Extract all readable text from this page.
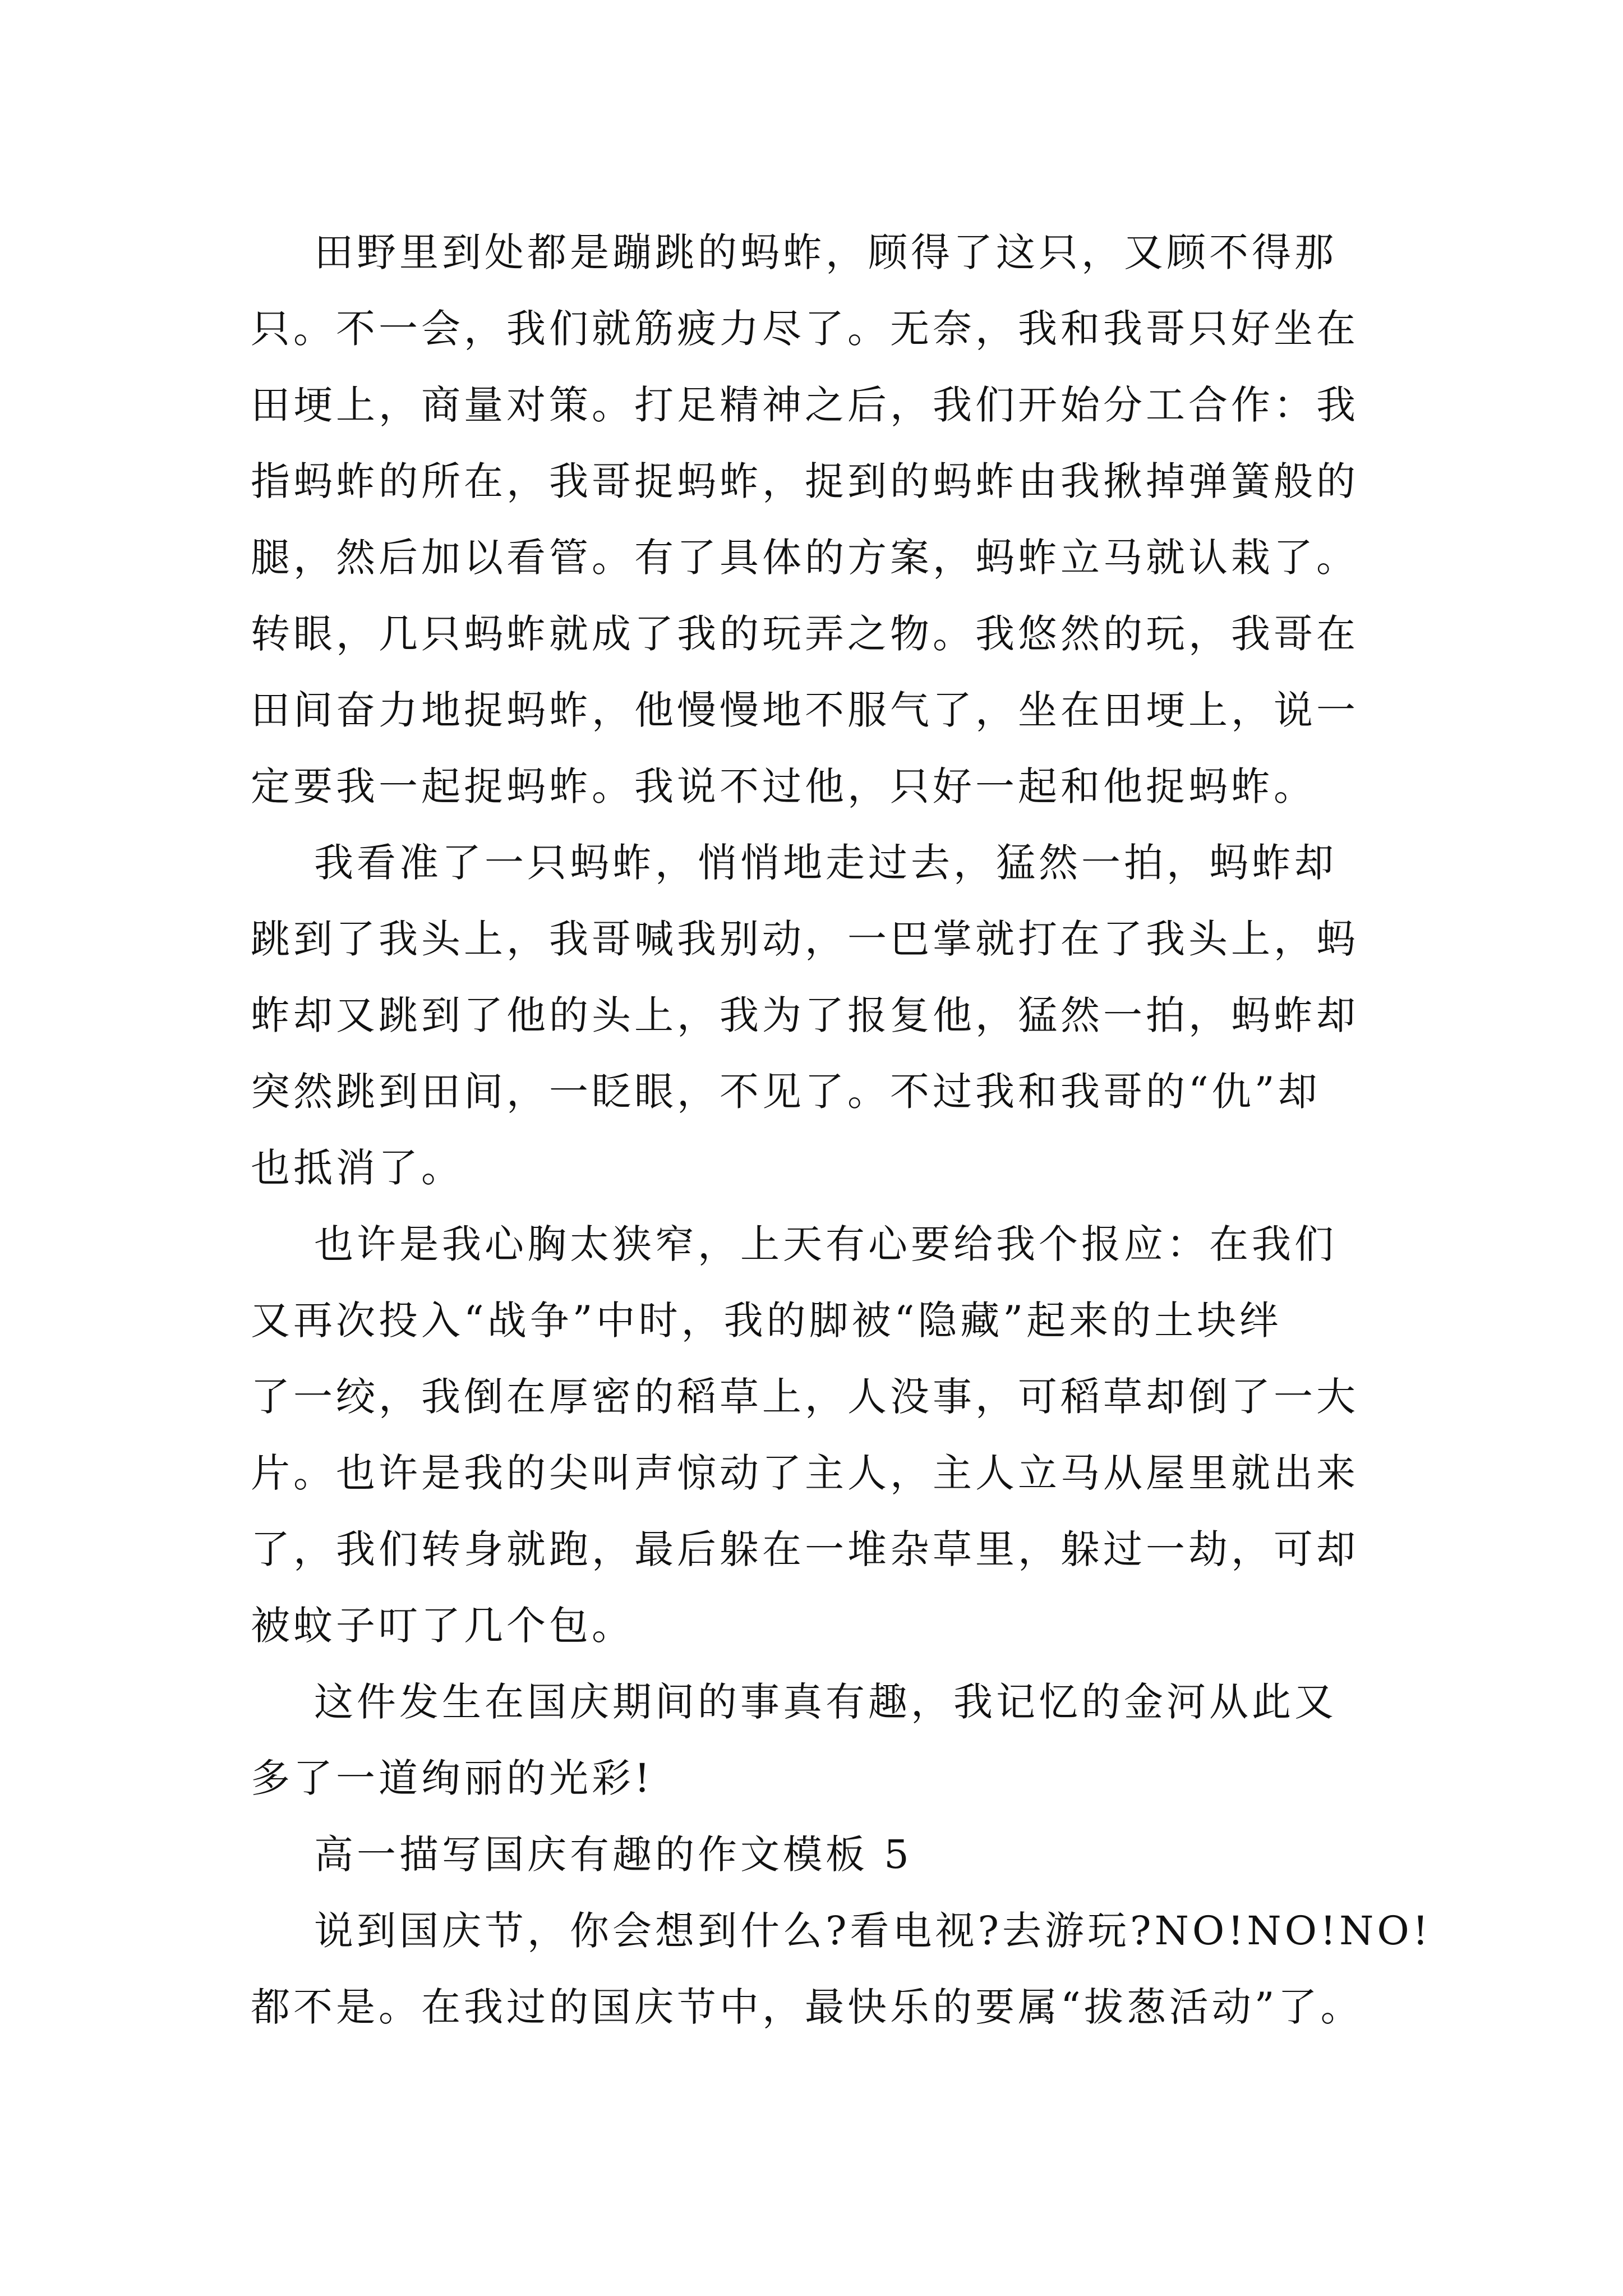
田野里到处都是蹦跳的蚂蚱，顾得了这只，又顾不得那
只。不一会，我们就筋疲力尽了。无奈，我和我哥只好坐在
田埂上，商量对策。打足精神之后，我们开始分工合作：我
指蚂蚱的所在，我哥捉蚂蚱，捉到的蚂蚱由我揪掉弹簧般的
腿，然后加以看管。有了具体的方案，蚂蚱立马就认栽了。
转眼，几只蚂蚱就成了我的玩弄之物。我悠然的玩，我哥在
田间奋力地捉蚂蚱，他慢慢地不服气了，坐在田埂上，说一
定要我一起捉蚂蚱。我说不过他，只好一起和他捉蚂蚱。
我看准了一只蚂蚱，悄悄地走过去，猛然一拍，蚂蚱却
跳到了我头上，我哥喊我别动，一巴掌就打在了我头上，蚂
蚱却又跳到了他的头上，我为了报复他，猛然一拍，蚂蚱却
突然跳到田间，一眨眼，不见了。不过我和我哥的“仇”却
也抵消了。
也许是我心胸太狭窄，上天有心要给我个报应：在我们
又再次投入“战争”中时，我的脚被“隐藏”起来的土块绊
了一绞，我倒在厚密的稻草上，人没事，可稻草却倒了一大
片。也许是我的尖叫声惊动了主人，主人立马从屋里就出来
了，我们转身就跑，最后躲在一堆杂草里，躲过一劫，可却
被蚊子叮了几个包。
这件发生在国庆期间的事真有趣，我记忆的金河从此又
多了一道绚丽的光彩!
高一描写国庆有趣的作文模板 5
说到国庆节，你会想到什么?看电视?去游玩?NO!NO!NO!
都不是。在我过的国庆节中，最快乐的要属“拔葱活动”了。
